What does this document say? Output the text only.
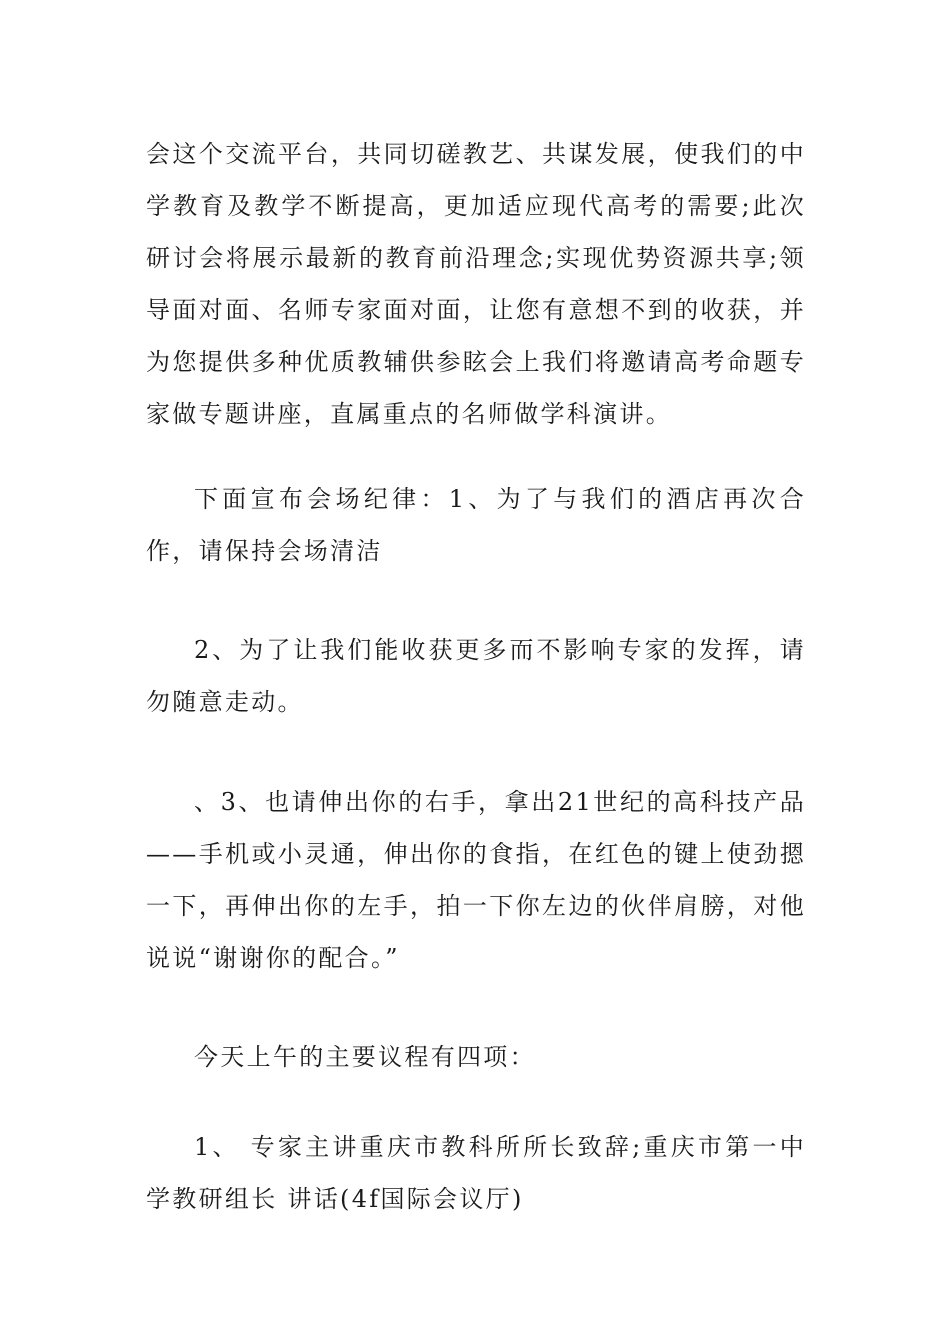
会这个交流平台，共同切磋教艺、共谋发展，使我们的中学教育及教学不断提高，更加适应现代高考的需要;此次研讨会将展示最新的教育前沿理念;实现优势资源共享;领导面对面、名师专家面对面，让您有意想不到的收获，并为您提供多种优质教辅供参眩会上我们将邀请高考命题专家做专题讲座，直属重点的名师做学科演讲。

下面宣布会场纪律：1、为了与我们的酒店再次合作，请保持会场清洁

2、为了让我们能收获更多而不影响专家的发挥，请勿随意走动。

、3、也请伸出你的右手，拿出21世纪的高科技产品——手机或小灵通，伸出你的食指，在红色的键上使劲摁一下，再伸出你的左手，拍一下你左边的伙伴肩膀，对他说说“谢谢你的配合。”

今天上午的主要议程有四项：

1、 专家主讲重庆市教科所所长致辞;重庆市第一中学教研组长 讲话(4f国际会议厅)
